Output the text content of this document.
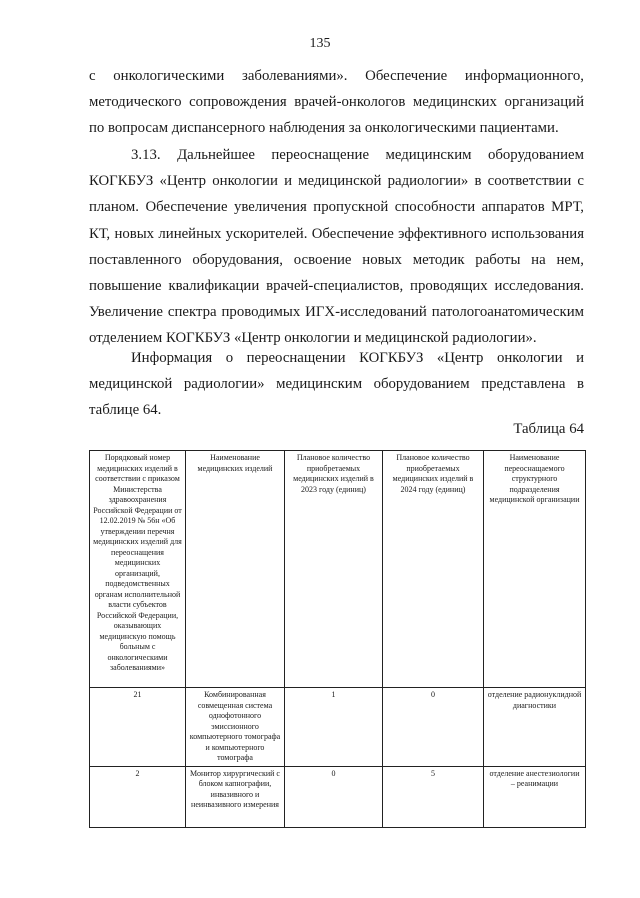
135

с онкологическими заболеваниями». Обеспечение информационного, методического сопровождения врачей-онкологов медицинских организаций по вопросам диспансерного наблюдения за онкологическими пациентами.

3.13. Дальнейшее переоснащение медицинским оборудованием КОГКБУЗ «Центр онкологии и медицинской радиологии» в соответствии с планом. Обеспечение увеличения пропускной способности аппаратов МРТ, КТ, новых линейных ускорителей. Обеспечение эффективного использования поставленного оборудования, освоение новых методик работы на нем, повышение квалификации врачей-специалистов, проводящих исследования. Увеличение спектра проводимых ИГХ-исследований патологоанатомическим отделением КОГКБУЗ «Центр онкологии и медицинской радиологии».

Информация о переоснащении КОГКБУЗ «Центр онкологии и медицинской радиологии» медицинским оборудованием представлена в таблице 64.

Таблица 64
Порядковый номер медицинских изделий в соответствии с приказом Министерства здравоохранения Российской Федерации от 12.02.2019 № 56н «Об утверждении перечня медицинских изделий для переоснащения медицинских организаций, подведомственных органам исполнительной власти субъектов Российской Федерации, оказывающих медицинскую помощь больным с онкологическими заболеваниями»	Наименование медицинских изделий	Плановое количество приобретаемых медицинских изделий в 2023 году (единиц)	Плановое количество приобретаемых медицинских изделий в 2024 году (единиц)	Наименование переоснащаемого структурного подразделения медицинской организации
21	Комбинированная совмещенная система однофотонного эмиссионного компьютерного томографа и компьютерного томографа	1	0	отделение радионуклидной диагностики
2	Монитор хирургический с блоком капнографии, инвазивного и неинвазивного измерения	0	5	отделение анестезиологии – реанимации
